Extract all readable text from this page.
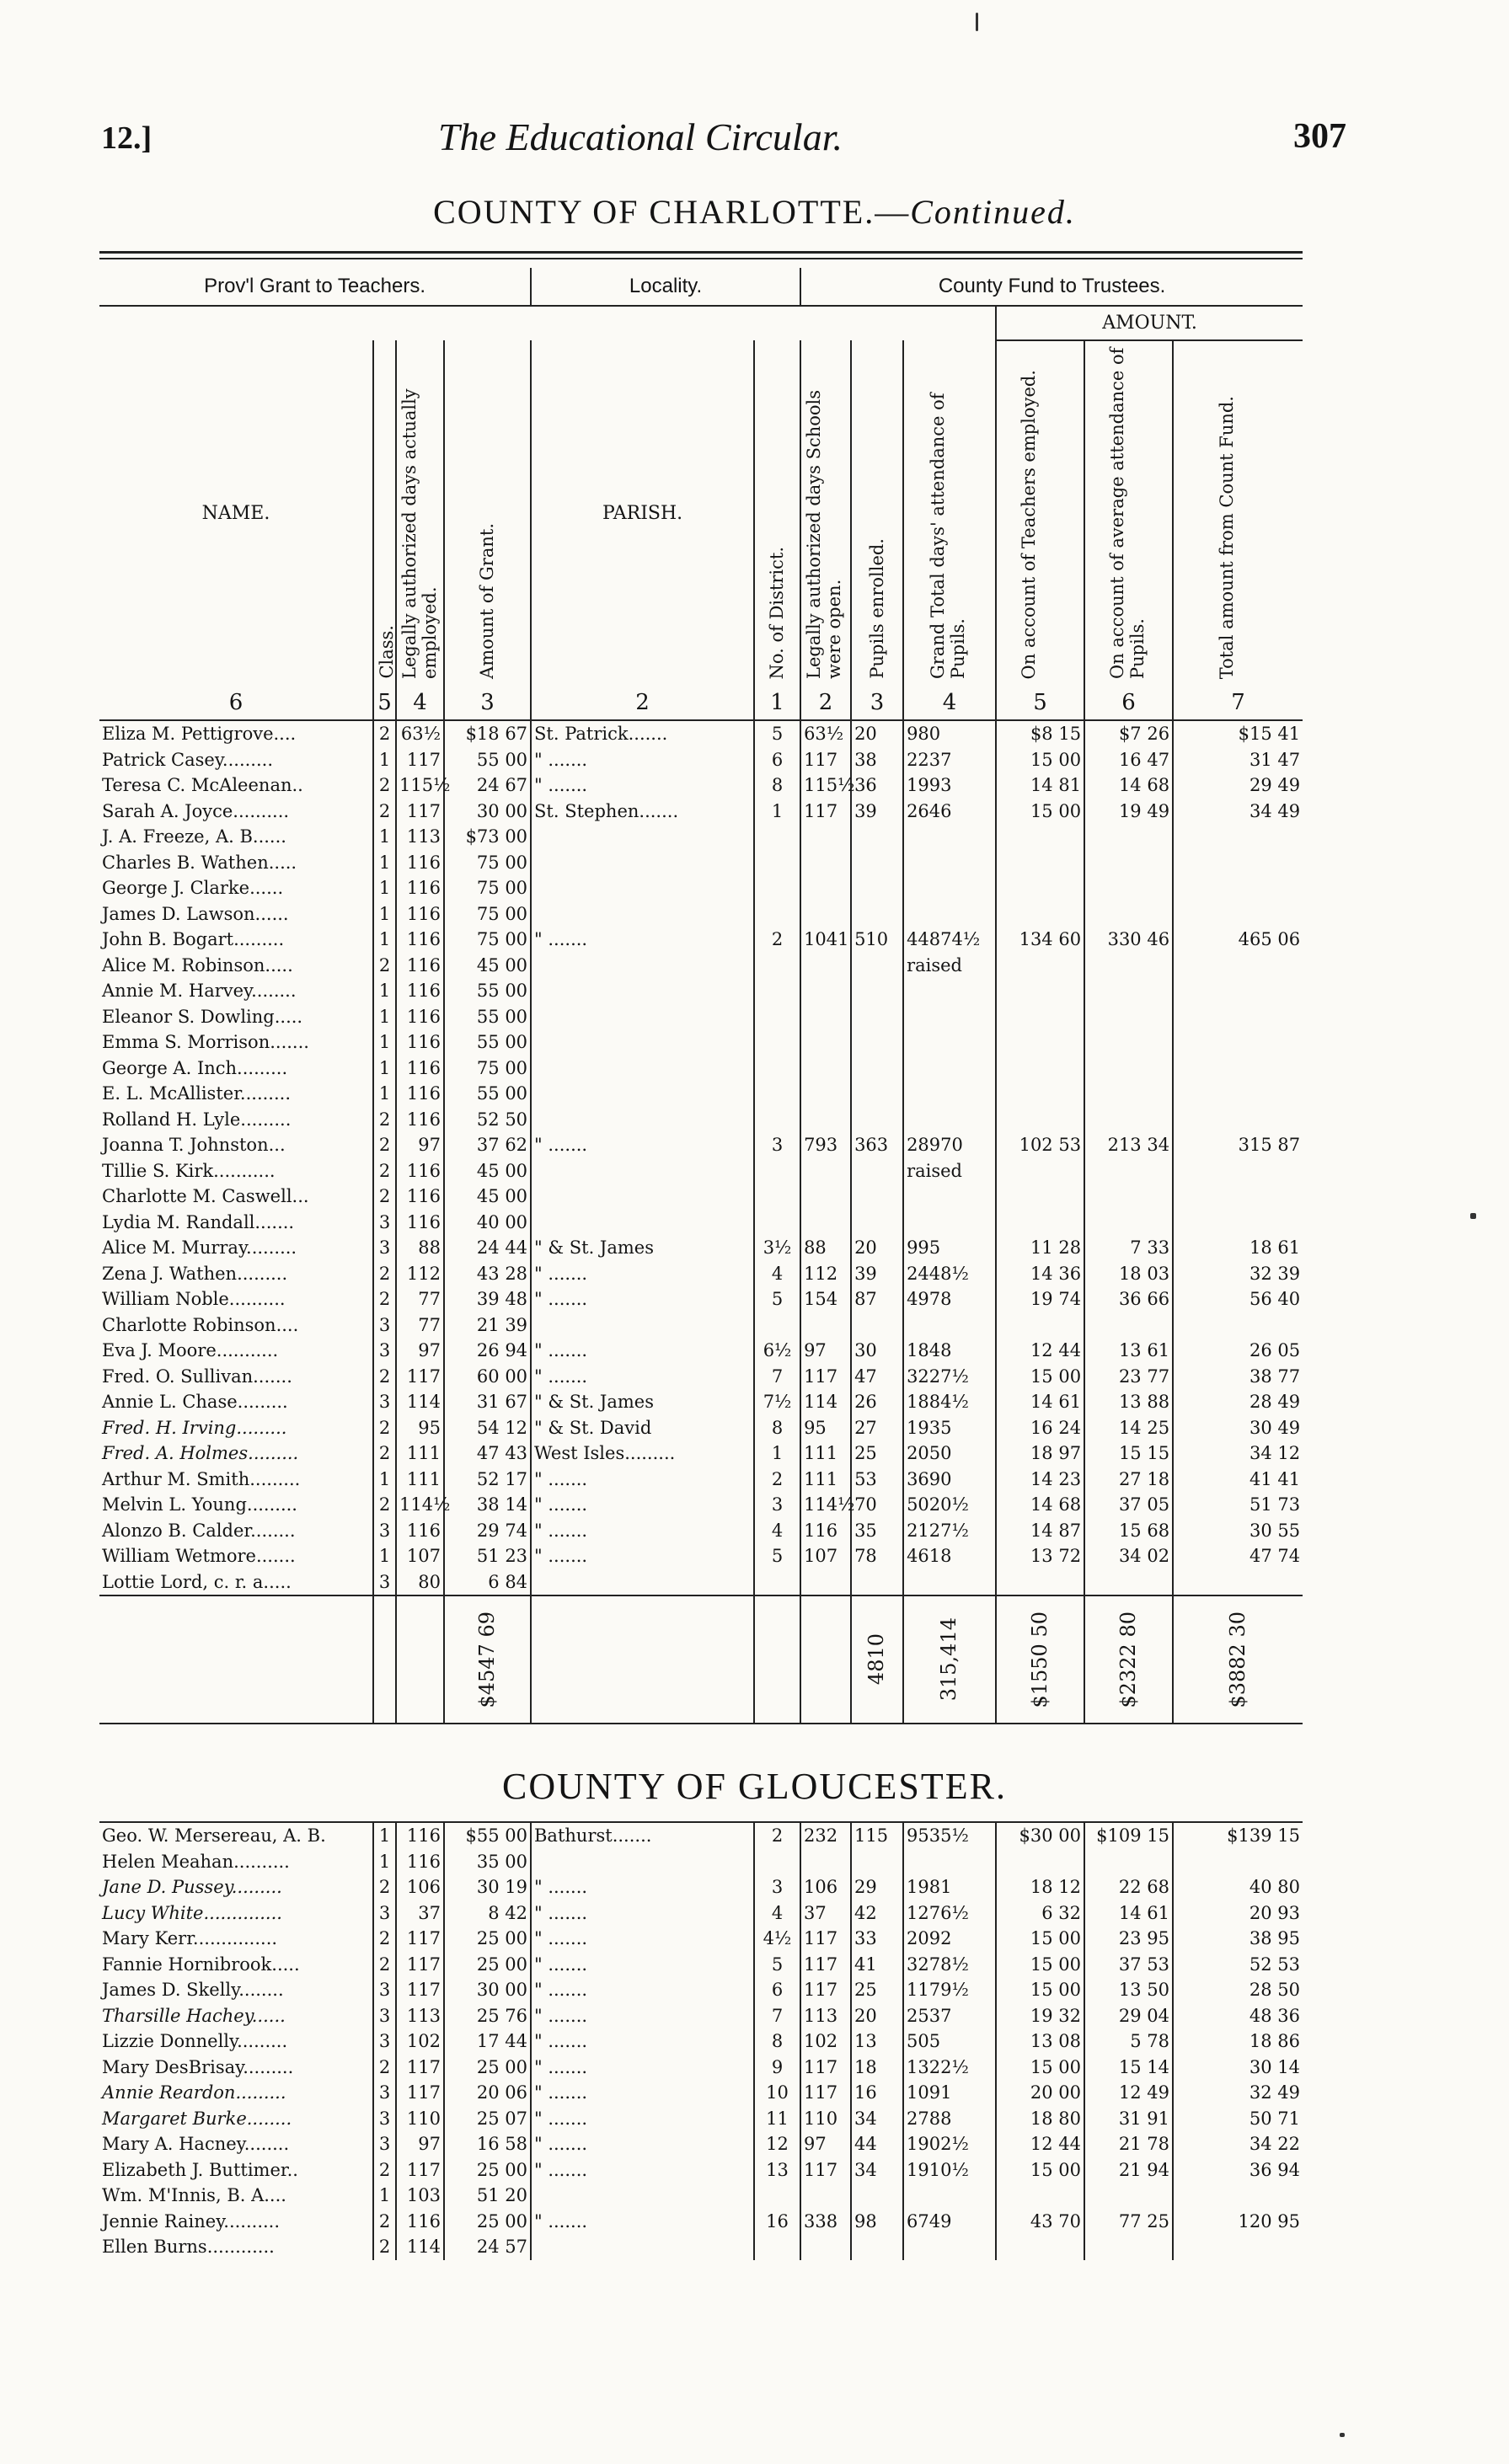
12.]	The Educational Circular.	307
COUNTY OF CHARLOTTE.—Continued.
Prov'l Grant to Teachers.				Locality.		County Fund to Trustees.					
									AMOUNT.		
NAME.	Class.	Legally authorized days actually employed.	Amount of Grant.	PARISH.	No. of District.	Legally authorized days Schools were open.	Pupils enrolled.	Grand Total days' attendance of Pupils.	On account of Teachers employed.	On account of average attendance of Pupils.	Total amount from Count Fund.

6	5	4	3	2	1	2	3	4	5	6	7
Eliza M. Pettigrove....	2	63½	$18 67	St. Patrick.......	5	63½	20	980	$8 15	$7 26	$15 41
Patrick Casey.........	1	117	55 00	" .......	6	117	38	2237	15 00	16 47	31 47
Teresa C. McAleenan..	2	115½	24 67	" .......	8	115½	36	1993	14 81	14 68	29 49
Sarah A. Joyce..........	2	117	30 00	St. Stephen.......	1	117	39	2646	15 00	19 49	34 49
J. A. Freeze, A. B......	1	113	$73 00								
Charles B. Wathen.....	1	116	75 00								
George J. Clarke......	1	116	75 00								
James D. Lawson......	1	116	75 00								
John B. Bogart.........	1	116	75 00	" .......	2	1041	510	44874½	134 60	330 46	465 06
Alice M. Robinson.....	2	116	45 00					raised			
Annie M. Harvey........	1	116	55 00								
Eleanor S. Dowling.....	1	116	55 00								
Emma S. Morrison.......	1	116	55 00								
George A. Inch.........	1	116	75 00								
E. L. McAllister.........	1	116	55 00								
Rolland H. Lyle.........	2	116	52 50								
Joanna T. Johnston...	2	97	37 62	" .......	3	793	363	28970	102 53	213 34	315 87
Tillie S. Kirk...........	2	116	45 00					raised			
Charlotte M. Caswell...	2	116	45 00								
Lydia M. Randall.......	3	116	40 00								
Alice M. Murray.........	3	88	24 44	" & St. James	3½	88	20	995	11 28	7 33	18 61
Zena J. Wathen.........	2	112	43 28	" .......	4	112	39	2448½	14 36	18 03	32 39
William Noble..........	2	77	39 48	" .......	5	154	87	4978	19 74	36 66	56 40
Charlotte Robinson....	3	77	21 39								
Eva J. Moore...........	3	97	26 94	" .......	6½	97	30	1848	12 44	13 61	26 05
Fred. O. Sullivan.......	2	117	60 00	" .......	7	117	47	3227½	15 00	23 77	38 77
Annie L. Chase.........	3	114	31 67	" & St. James	7½	114	26	1884½	14 61	13 88	28 49
Fred. H. Irving.........	2	95	54 12	" & St. David	8	95	27	1935	16 24	14 25	30 49
Fred. A. Holmes.........	2	111	47 43	West Isles.........	1	111	25	2050	18 97	15 15	34 12
Arthur M. Smith.........	1	111	52 17	" .......	2	111	53	3690	14 23	27 18	41 41
Melvin L. Young.........	2	114½	38 14	" .......	3	114½	70	5020½	14 68	37 05	51 73
Alonzo B. Calder........	3	116	29 74	" .......	4	116	35	2127½	14 87	15 68	30 55
William Wetmore.......	1	107	51 23	" .......	5	107	78	4618	13 72	34 02	47 74
Lottie Lord, c. r. a.....	3	80	6 84								

			$4547 69				4810	315,414	$1550 50	$2322 80	$3882 30
COUNTY OF GLOUCESTER.
Geo. W. Mersereau, A. B.	1	116	$55 00	Bathurst.......	2	232	115	9535½	$30 00	$109 15	$139 15
Helen Meahan..........	1	116	35 00								
Jane D. Pussey.........	2	106	30 19	" .......	3	106	29	1981	18 12	22 68	40 80
Lucy White..............	3	37	8 42	" .......	4	37	42	1276½	6 32	14 61	20 93
Mary Kerr...............	2	117	25 00	" .......	4½	117	33	2092	15 00	23 95	38 95
Fannie Hornibrook.....	2	117	25 00	" .......	5	117	41	3278½	15 00	37 53	52 53
James D. Skelly........	3	117	30 00	" .......	6	117	25	1179½	15 00	13 50	28 50
Tharsille Hachey......	3	113	25 76	" .......	7	113	20	2537	19 32	29 04	48 36
Lizzie Donnelly.........	3	102	17 44	" .......	8	102	13	505	13 08	5 78	18 86
Mary DesBrisay.........	2	117	25 00	" .......	9	117	18	1322½	15 00	15 14	30 14
Annie Reardon.........	3	117	20 06	" .......	10	117	16	1091	20 00	12 49	32 49
Margaret Burke........	3	110	25 07	" .......	11	110	34	2788	18 80	31 91	50 71
Mary A. Hacney........	3	97	16 58	" .......	12	97	44	1902½	12 44	21 78	34 22
Elizabeth J. Buttimer..	2	117	25 00	" .......	13	117	34	1910½	15 00	21 94	36 94
Wm. M'Innis, B. A....	1	103	51 20								
Jennie Rainey..........	2	116	25 00	" .......	16	338	98	6749	43 70	77 25	120 95
Ellen Burns............	2	114	24 57								
